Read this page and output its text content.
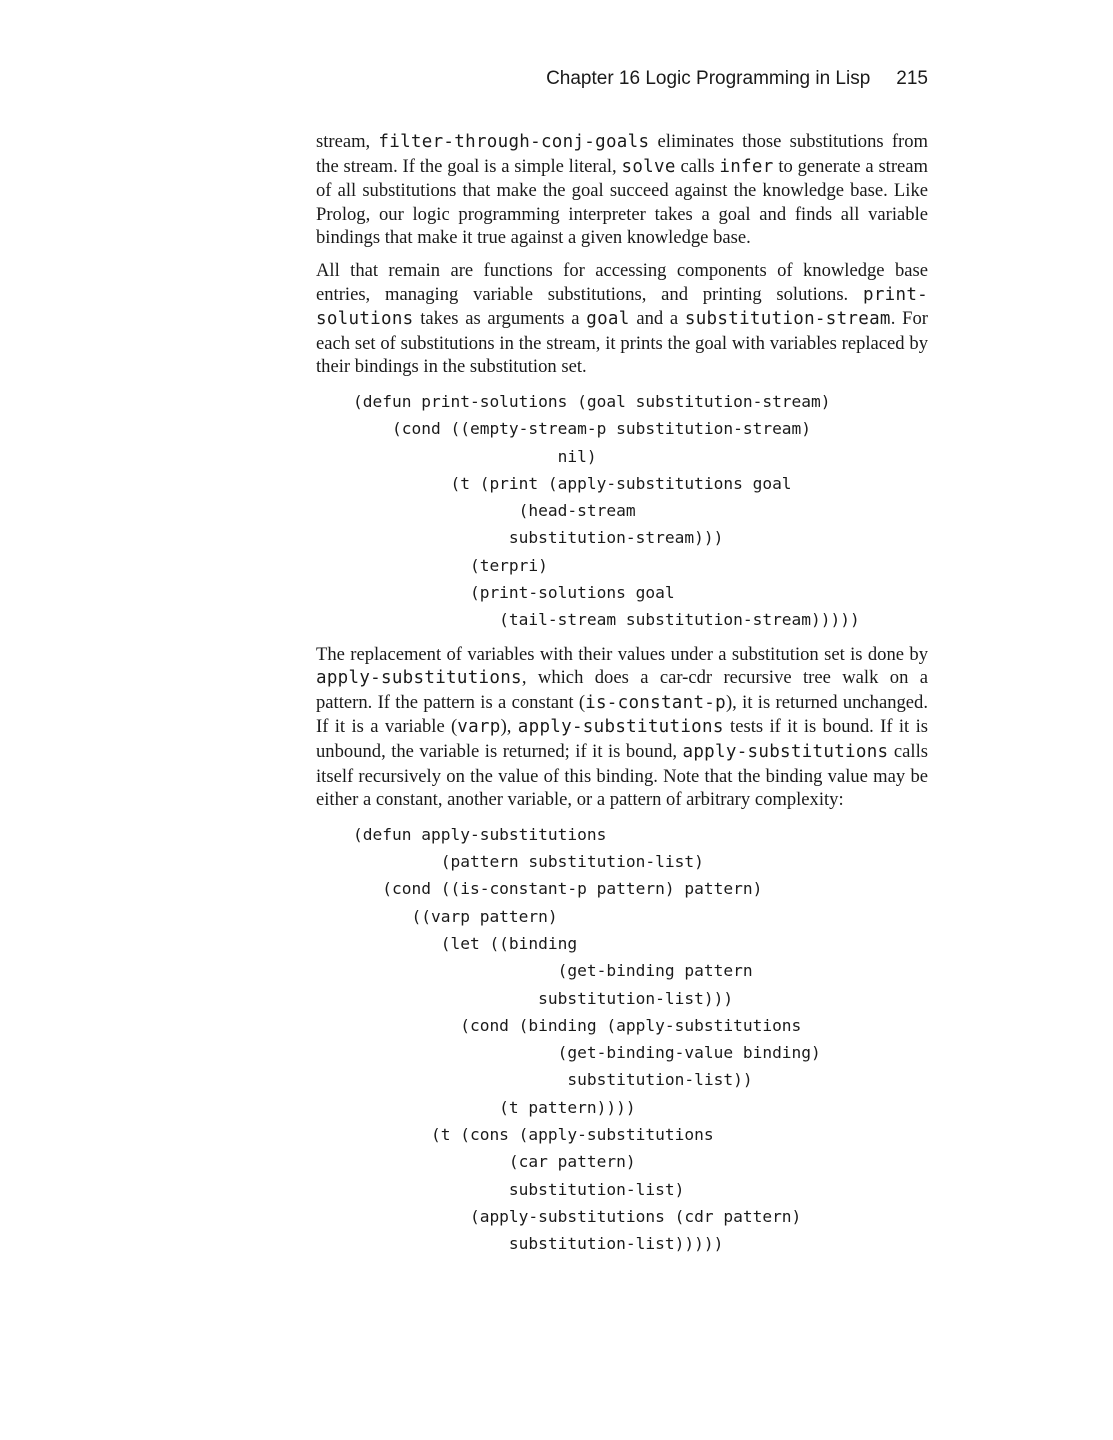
Chapter 16 Logic Programming in Lisp 215

stream, filter-through-conj-goals eliminates those substitutions from the stream. If the goal is a simple literal, solve calls infer to generate a stream of all substitutions that make the goal succeed against the knowledge base. Like Prolog, our logic programming interpreter takes a goal and finds all variable bindings that make it true against a given knowledge base.

All that remain are functions for accessing components of knowledge base entries, managing variable substitutions, and printing solutions. print-solutions takes as arguments a goal and a substitution-stream. For each set of substitutions in the stream, it prints the goal with variables replaced by their bindings in the substitution set.

(defun print-solutions (goal substitution-stream)
(cond ((empty-stream-p substitution-stream)
nil)
(t (print (apply-substitutions goal
(head-stream
substitution-stream)))
(terpri)
(print-solutions goal
(tail-stream substitution-stream)))))

The replacement of variables with their values under a substitution set is done by apply-substitutions, which does a car-cdr recursive tree walk on a pattern. If the pattern is a constant (is-constant-p), it is returned unchanged. If it is a variable (varp), apply-substitutions tests if it is bound. If it is unbound, the variable is returned; if it is bound, apply-substitutions calls itself recursively on the value of this binding. Note that the binding value may be either a constant, another variable, or a pattern of arbitrary complexity:

(defun apply-substitutions
(pattern substitution-list)
(cond ((is-constant-p pattern) pattern)
((varp pattern)
(let ((binding
(get-binding pattern
substitution-list)))
(cond (binding (apply-substitutions
(get-binding-value binding)
substitution-list))
(t pattern))))
(t (cons (apply-substitutions
(car pattern)
substitution-list)
(apply-substitutions (cdr pattern)
substitution-list)))))
